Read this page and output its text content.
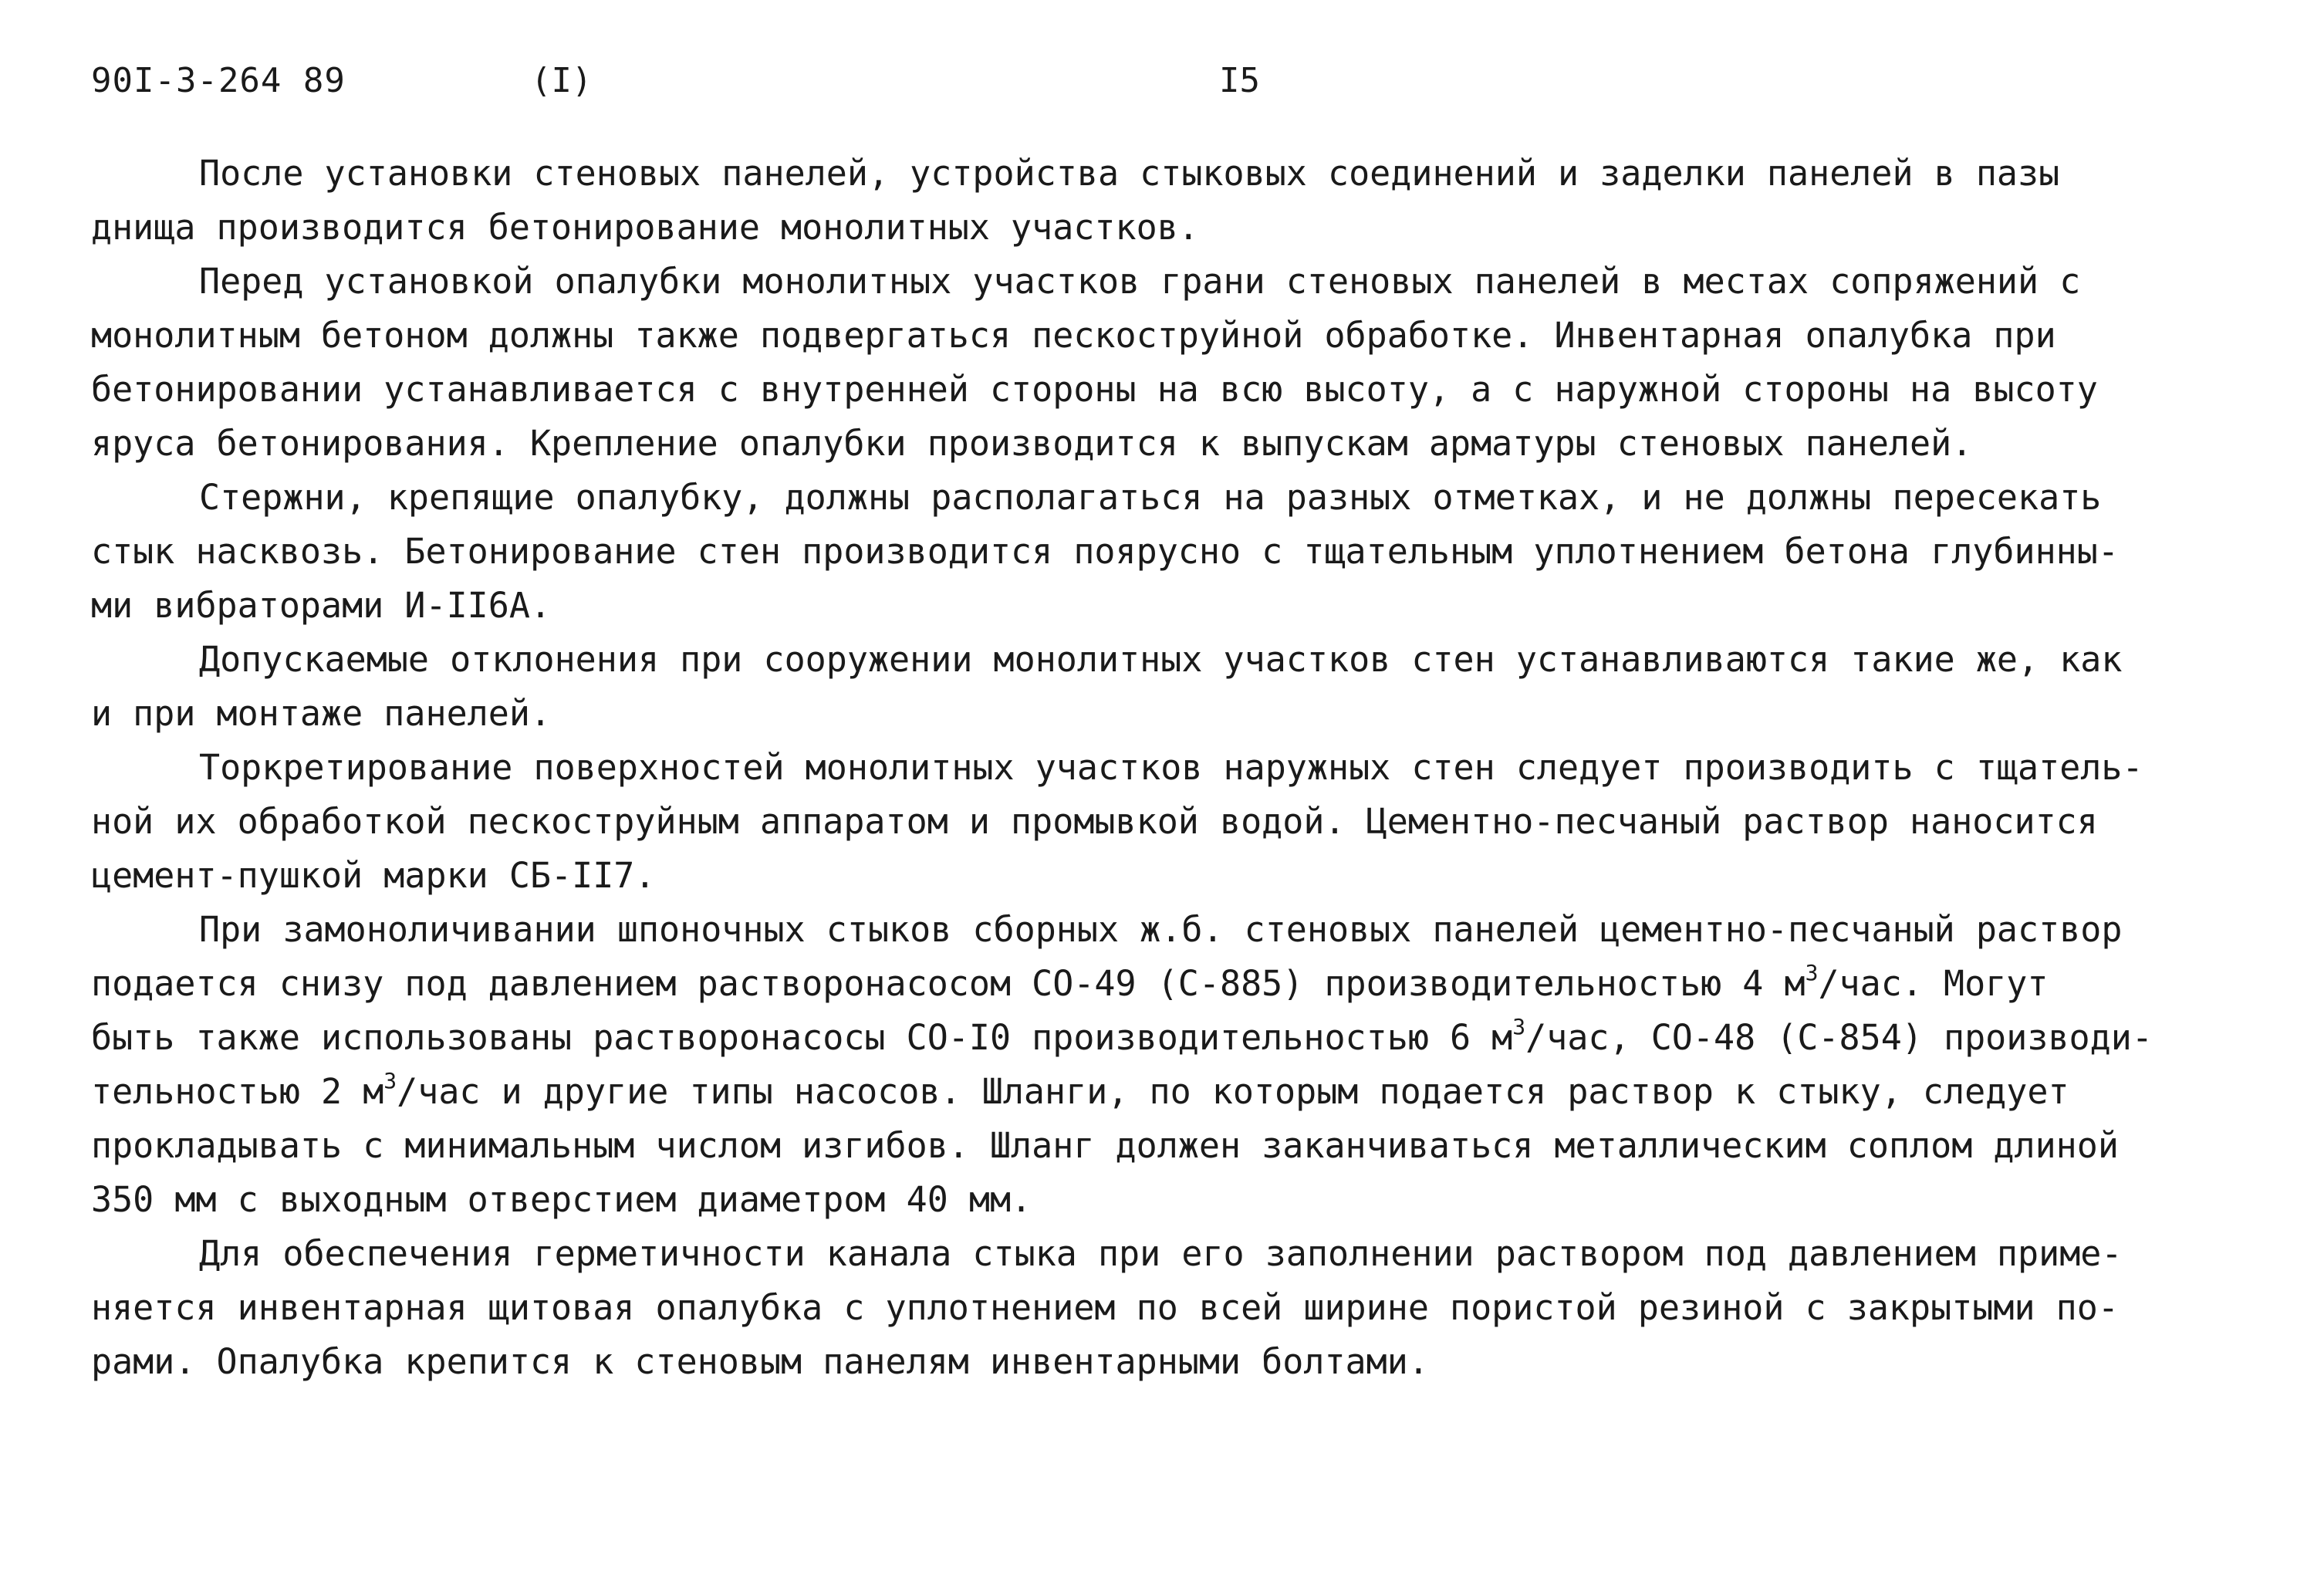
90I-3-264 89	(I)	I5
После установки стеновых панелей, устройства стыковых соединений и заделки панелей в пазы
днища производится бетонирование монолитных участков.
Перед установкой опалубки монолитных участков грани стеновых панелей в местах сопряжений с
монолитным бетоном должны также подвергаться пескоструйной обработке. Инвентарная опалубка при
бетонировании устанавливается с внутренней стороны на всю высоту, а с наружной стороны на высоту
яруса бетонирования. Крепление опалубки производится к выпускам арматуры стеновых панелей.
Стержни, крепящие опалубку, должны располагаться на разных отметках, и не должны пересекать
стык насквозь. Бетонирование стен производится поярусно с тщательным уплотнением бетона глубинны-
ми вибраторами И-II6А.
Допускаемые отклонения при сооружении монолитных участков стен устанавливаются такие же, как
и при монтаже панелей.
Торкретирование поверхностей монолитных участков наружных стен следует производить с тщатель-
ной их обработкой пескоструйным аппаратом и промывкой водой. Цементно-песчаный раствор наносится
цемент-пушкой марки СБ-II7.
При замоноличивании шпоночных стыков сборных ж.б. стеновых панелей цементно-песчаный раствор
подается снизу под давлением растворонасосом СО-49 (С-885) производительностью 4 $м^3$/час. Могут
быть также использованы растворонасосы СО-I0 производительностью 6 $м^3$/час, СО-48 (С-854) производи-
тельностью 2 $м^3$/час и другие типы насосов. Шланги, по которым подается раствор к стыку, следует
прокладывать с минимальным числом изгибов. Шланг должен заканчиваться металлическим соплом длиной
350 мм с выходным отверстием диаметром 40 мм.
Для обеспечения герметичности канала стыка при его заполнении раствором под давлением приме-
няется инвентарная щитовая опалубка с уплотнением по всей ширине пористой резиной с закрытыми по-
рами. Опалубка крепится к стеновым панелям инвентарными болтами.
